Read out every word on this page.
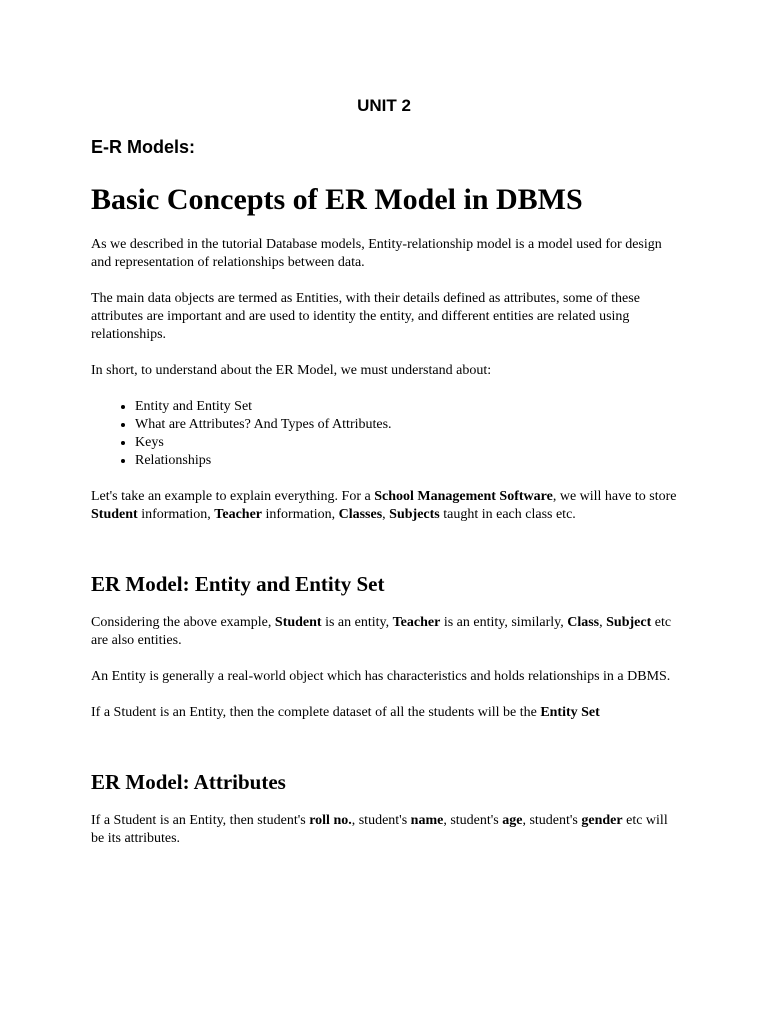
UNIT 2
E-R Models:
Basic Concepts of ER Model in DBMS

As we described in the tutorial Database models, Entity-relationship model is a model used for design and representation of relationships between data.

The main data objects are termed as Entities, with their details defined as attributes, some of these attributes are important and are used to identity the entity, and different entities are related using relationships.

In short, to understand about the ER Model, we must understand about:

• Entity and Entity Set
• What are Attributes? And Types of Attributes.
• Keys
• Relationships

Let's take an example to explain everything. For a School Management Software, we will have to store Student information, Teacher information, Classes, Subjects taught in each class etc.

ER Model: Entity and Entity Set

Considering the above example, Student is an entity, Teacher is an entity, similarly, Class, Subject etc are also entities.

An Entity is generally a real-world object which has characteristics and holds relationships in a DBMS.

If a Student is an Entity, then the complete dataset of all the students will be the Entity Set

ER Model: Attributes

If a Student is an Entity, then student's roll no., student's name, student's age, student's gender etc will be its attributes.
